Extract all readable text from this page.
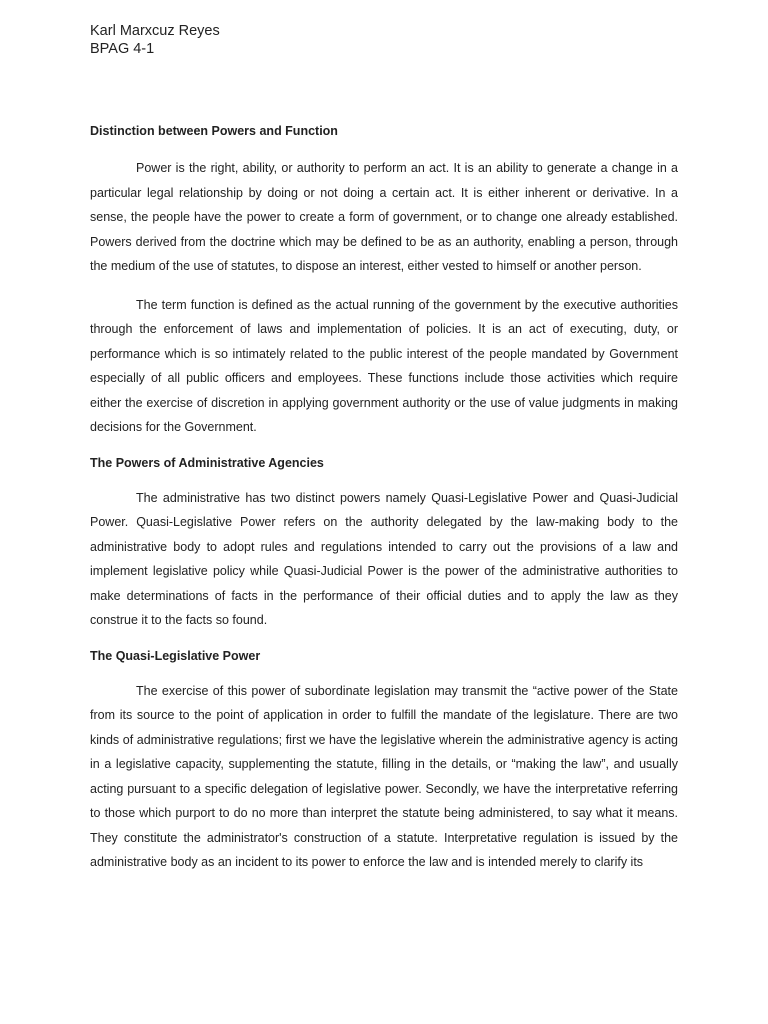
Karl Marxcuz Reyes

BPAG 4-1

Distinction between Powers and Function

Power is the right, ability, or authority to perform an act. It is an ability to generate a change in a particular legal relationship by doing or not doing a certain act. It is either inherent or derivative. In a sense, the people have the power to create a form of government, or to change one already established. Powers derived from the doctrine which may be defined to be as an authority, enabling a person, through the medium of the use of statutes, to dispose an interest, either vested to himself or another person.

The term function is defined as the actual running of the government by the executive authorities through the enforcement of laws and implementation of policies. It is an act of executing, duty, or performance which is so intimately related to the public interest of the people mandated by Government especially of all public officers and employees. These functions include those activities which require either the exercise of discretion in applying government authority or the use of value judgments in making decisions for the Government.

The Powers of Administrative Agencies

The administrative has two distinct powers namely Quasi-Legislative Power and Quasi-Judicial Power. Quasi-Legislative Power refers on the authority delegated by the law-making body to the administrative body to adopt rules and regulations intended to carry out the provisions of a law and implement legislative policy while Quasi-Judicial Power is the power of the administrative authorities to make determinations of facts in the performance of their official duties and to apply the law as they construe it to the facts so found.

The Quasi-Legislative Power

The exercise of this power of subordinate legislation may transmit the “active power of the State from its source to the point of application in order to fulfill the mandate of the legislature. There are two kinds of administrative regulations; first we have the legislative wherein the administrative agency is acting in a legislative capacity, supplementing the statute, filling in the details, or “making the law”, and usually acting pursuant to a specific delegation of legislative power. Secondly, we have the interpretative referring to those which purport to do no more than interpret the statute being administered, to say what it means. They constitute the administrator's construction of a statute. Interpretative regulation is issued by the administrative body as an incident to its power to enforce the law and is intended merely to clarify its
